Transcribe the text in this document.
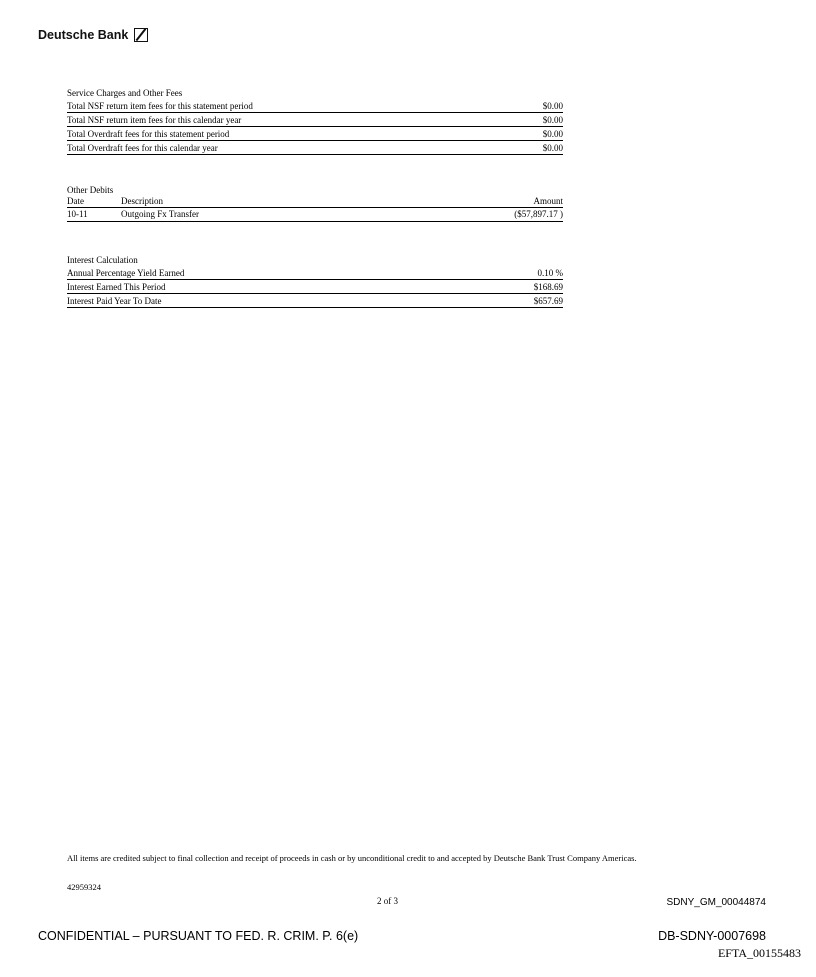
Deutsche Bank
Service Charges and Other Fees
Total NSF return item fees for this statement period	$0.00
Total NSF return item fees for this calendar year	$0.00
Total Overdraft fees for this statement period	$0.00
Total Overdraft fees for this calendar year	$0.00
Other Debits
Date	Description	Amount
10-11	Outgoing Fx Transfer	($57,897.17 )
Interest Calculation
Annual Percentage Yield Earned	0.10 %
Interest Earned This Period	$168.69
Interest Paid Year To Date	$657.69
All items are credited subject to final collection and receipt of proceeds in cash or by unconditional credit to and accepted by Deutsche Bank Trust Company Americas.
42959324
2 of 3	SDNY_GM_00044874
CONFIDENTIAL – PURSUANT TO FED. R. CRIM. P. 6(e)	DB-SDNY-0007698
EFTA_00155483
